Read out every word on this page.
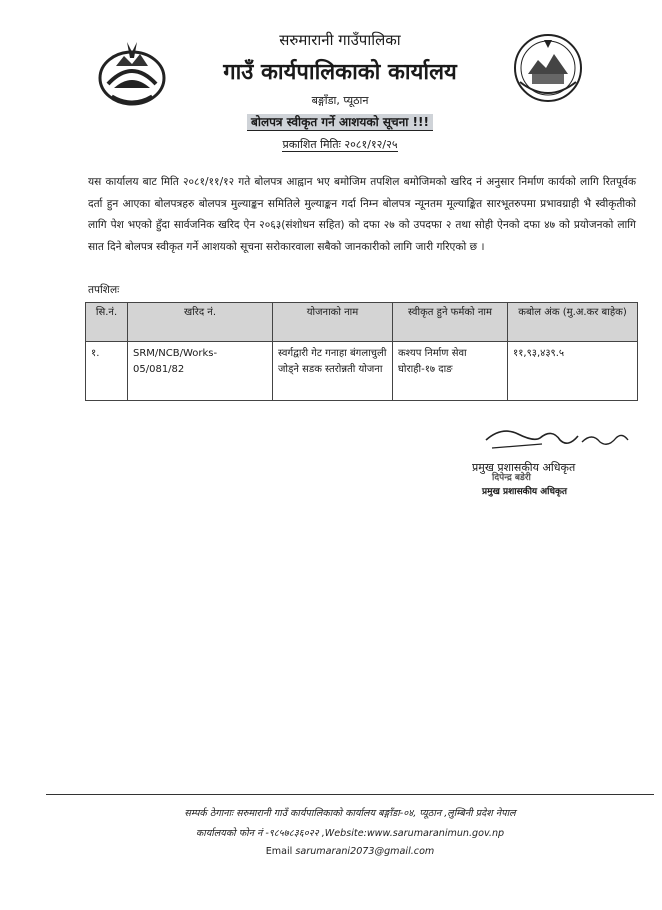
सरुमारानी गाउँपालिका
गाउँ कार्यपालिकाको कार्यालय
बङ्गाँडा, प्यूठान
बोलपत्र स्वीकृत गर्ने आशयको सूचना !!!
प्रकाशित मितिः २०८१/१२/२५

यस कार्यालय बाट मिति २०८१/११/१२ गते बोलपत्र आह्वान भए बमोजिम तपशिल बमोजिमको खरिद नं अनुसार निर्माण कार्यको लागि रितपूर्वक दर्ता हुन आएका बोलपत्रहरु बोलपत्र मुल्याङ्कन समितिले मुल्याङ्कन गर्दा निम्न बोलपत्र न्यूनतम मूल्याङ्कित सारभूतरुपमा प्रभावग्राही भै स्वीकृतीको लागि पेश भएको हुँदा सार्वजनिक खरिद ऐन २०६३(संशोधन सहित) को दफा २७ को उपदफा २ तथा सोही ऐनको दफा ४७ को प्रयोजनको लागि सात दिने बोलपत्र स्वीकृत गर्ने आशयको सूचना सरोकारवाला सबैको जानकारीको लागि जारी गरिएको छ ।

तपशिलः
सि.नं.	खरिद नं.	योजनाको नाम	स्वीकृत हुने फर्मको नाम	कबोल अंक (मु.अ.कर बाहेक)
१.	SRM/NCB/Works-05/081/82	स्वर्गद्वारी गेट गनाहा बंगलाचुली जोड्ने सडक स्तरोन्नती योजना	कश्यप निर्माण सेवा घोराही-१७ दाङ	११,९३,४३९.५
प्रमुख प्रशासकीय अधिकृत
दिपेन्द्र बडेरी
प्रमुख प्रशासकीय अधिकृत
सम्पर्क ठेगानाः सरुमारानी गाउँ कार्यपालिकाको कार्यालय बङ्गाँडा-०४, प्यूठान ,लुम्बिनी प्रदेश नेपाल
कार्यालयको फोन नं -९८५७८३६०२२ ,Website:www.sarumaranimun.gov.np
Email sarumarani2073@gmail.com
